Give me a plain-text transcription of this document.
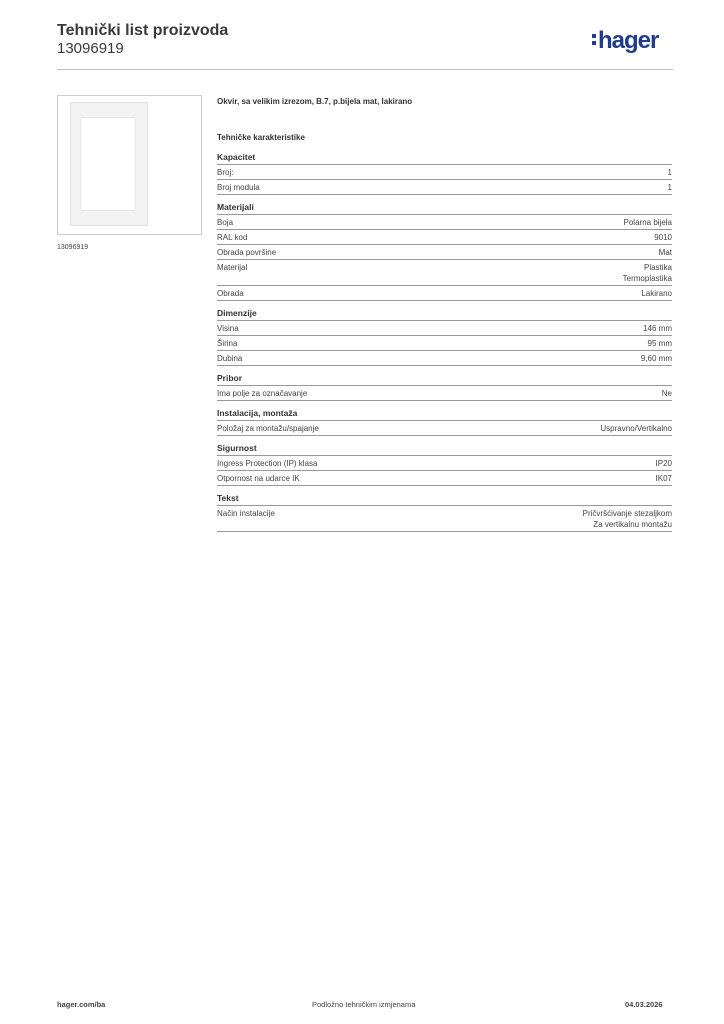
Tehnički list proizvoda
13096919	hager
13096919
Okvir, sa velikim izrezom, B.7, p.bijela mat, lakirano
Tehničke karakteristike
Kapacitet
Broj:	1
Broj modula	1
Materijali
Boja	Polarna bijela
RAL kod	9010
Obrada površine	Mat
Materijal	Plastika
Termoplastika
Obrada	Lakirano
Dimenzije
Visina	146 mm
Širina	95 mm
Dubina	9,60 mm
Pribor
Ima polje za označavanje	Ne
Instalacija, montaža
Položaj za montažu/spajanje	Uspravno/Vertikalno
Sigurnost
Ingress Protection (IP) klasa	IP20
Otpornost na udarce IK	IK07
Tekst
Način instalacije	Pričvršćivanje stezaljkom
Za vertikalnu montažu
hager.com/ba	Podložno tehničkim izmjenama	04.03.2026
